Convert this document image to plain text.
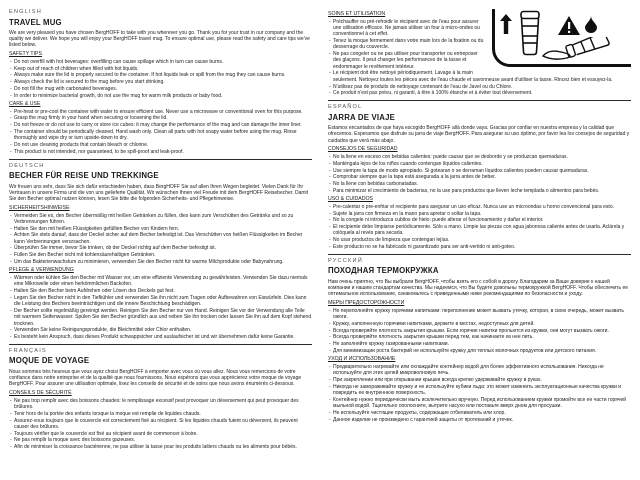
ENGLISH
TRAVEL MUG

We are very pleased you have chosen BergHOFF to take with you wherever you go. Thank you for your trust in our company and the quality we deliver. We hope you will enjoy your BergHOFF travel mug. To ensure optimal use, please read the safety and care tips we've listed below.

SAFETY TIPS
- Do not overfill with hot beverages: overfilling can cause spillage which in turn can cause burns.
- Keep out of reach of children when filled with hot liquids.
- Always make sure the lid is properly secured to the container. If hot liquids leak or spill from the mug they can cause burns.
- Always check the lid is secured to the mug before you start drinking.
- Do not fill the mug with carbonated beverages.
- In order to minimize bacterial growth, do not use the mug for warm milk products or baby food.
CARE & USE
- Pre-heat or pre-cool the container with water to ensure efficient use. Never use a microwave or conventional oven for this purpose.
- Grasp the mug firmly in your hand when securing or loosening the lid.
- Do not freeze or do not use to carry or store ice cubes: it may change the performance of the mug and can damage the inner liner.
- The container should be periodically cleaned. Hand wash only. Clean all parts with hot soapy water before using the mug. Rinse thoroughly and wipe dry or turn upside-down to dry.
- Do not use cleaning products that contain bleach or chlorine.
- This product is not intended, nor guaranteed, to be spill-proof and leak-proof.
DEUTSCH
BECHER FÜR REISE UND TREKKINGE

Wir freuen uns sehr, dass Sie sich dafür entschieden haben, dass BergHOFF Sie auf allen Ihren Wegen begleitet. Vielen Dank für Ihr Vertrauen in unsere Firma und die von uns gelieferte Qualität. Wir wünschen Ihnen viel Freude mit dem BergHOFF Reisebecher. Damit Sie den Becher optimal nutzen können, lesen Sie bitte die folgenden Sicherheits- und Pflegehinweise.

SICHERHEITSHINWEISE
- Vermeiden Sie es, den Becher übermäßig mit heißen Getränken zu füllen, dies kann zum Verschütten des Getränks und so zu Verbrennungen führen.
- Halten Sie den mit heißen Flüssigkeiten gefüllten Becher von Kindern fern.
- Achten Sie stets darauf, dass der Deckel sicher auf dem Becher befestigt ist. Das Verschütten von heißen Flüssigkeiten im Becher kann Verbrennungen verursachen.
- Überprüfen Sie immer, bevor Sie trinken, ob der Deckel richtig auf dem Becher befestigt ist.
- Füllen Sie den Becher nicht mit kohlensäurehaltigen Getränken.
- Um das Bakterienwachstum zu minimieren, verwenden Sie den Becher nicht für warme Milchprodukte oder Babynahrung.
PFLEGE & VERWENDUNG
- Wärmen oder kühlen Sie den Becher mit Wasser vor, um eine effiziente Verwendung zu gewährleisten. Verwenden Sie dazu niemals eine Mikrowelle oder einen herkömmlichen Backofen.
- Halten Sie den Becher beim Aufdrehen oder Lösen des Deckels gut fest.
- Legen Sie den Becher nicht in den Tiefkühler und verwenden Sie ihn nicht zum Tragen oder Aufbewahren von Eiswürfeln. Dies kann die Leistung des Bechers beeinträchtigen und die innere Beschichtung beschädigen.
- Der Becher sollte regelmäßig gereinigt werden. Reinigen Sie den Becher nur von Hand. Reinigen Sie vor der Verwendung alle Teile mit warmem Seifenwasser. Spülen Sie den Becher gründlich aus und reiben Sie ihn trocken oder lassen Sie ihn auf dem Kopf stehend trocknen.
- Verwenden Sie keine Reinigungsprodukte, die Bleichmittel oder Chlor enthalten.
- Es besteht kein Anspruch, dass dieses Produkt schwappsicher und auslaufsicher ist und wir übernehmen dafür keine Garantie.
FRANÇAIS
MOQUE DE VOYAGE

Nous sommes très heureux que vous ayez choisi BergHOFF à emporter avec vous où vous allez. Nous vous remercions de votre confiance dans notre entreprise et de la qualité que nous fournissons. Nous espérons que vous apprécierez votre moque de voyage BergHOFF. Pour assurer une utilisation optimale, lisez les conseils de sécurité et de soins que nous avons énumérés ci-dessous.

CONSEILS DE SÉCURITÉ
- Ne pas trop remplir avec des boissons chaudes: le remplissage excessif peut provoquer un déversement qui peut provoquer des brûlures.
- Tenir hors de la portée des enfants lorsque la moque est remplie de liquides chauds.
- Assurez-vous toujours que le couvercle est correctement fixé au récipient. Si les liquides chauds fuient ou déversent, ils peuvent causer des brûlures.
- Toujours vérifier que le couvercle est fixé au récipient avant de commencer à boire.
- Ne pas remplir la moque avec des boissons gazeuses.
- Afin de minimiser la croissance bactérienne, ne pas utiliser la tasse pour les produits laitiers chauds ou les aliments pour bébés.
SOINS ET UTILISATION
- Préchauffer ou pré-refroidir le récipient avec de l'eau pour assurer une utilisation efficace. Ne jamais utiliser un four à micro-ondes ou conventionnel à cet effet.
- Tenez la moque fermement dans votre main lors de la fixation ou du desserrage du couvercle.
- Ne pas congeler ou ne pas utiliser pour transporter ou entreposer des glaçons. Il peut changer les performances de la tasse et endommager le revêtement intérieur.
- Le récipient doit être nettoyé périodiquement. Lavage à la main seulement. Nettoyez toutes les pièces avec de l'eau chaude et savonneuse avant d'utiliser la tasse. Rincez bien et essuyez-la.
- N'utilisez pas de produits de nettoyage contenant de l'eau de Javel ou du Chlore.
- Ce produit n'est pas prévu, ni garanti, à être à 100% étanche et à éviter tout déversement.
ESPAÑOL
JARRA DE VIAJE

Estamos encantados de que haya escogido BergHOFF allá donde vaya. Gracias por confiar en nuestra empresa y la calidad que ofrecemos. Esperamos que disfrute su jarra de viaje BergHOFF. Para asegurar su uso óptimo, por favor lea los consejos de seguridad y cuidados que verá más abajo.

CONSEJOS DE SEGURIDAD
- No la llene en exceso con bebidas calientes: puede causar que se desborde y se produzcan quemaduras.
- Manténgala lejos de los niños cuando contengan líquidos calientes.
- Use siempre la tapa de modo apropiado. Si gotearan o se derraman líquidos calientes pueden causar quemaduras.
- Comprobar siempre que la tapa está asegurada a la jarra antes de beber.
- No la llene con bebidas carbonatadas.
- Para minimizar el crecimiento de bacterias, no la use para productos que lleven leche templada o alimentos para bebés.
USO & CUIDADOS
- Pre-calentar o pre-enfriar el recipiente para asegurar un uso eficaz. Nunca use un microondas u horno convencional para esto.
- Sujete la jarra con firmeza en la mano para apretar o soltar la tapa.
- No la congele ni introduzca cubitos de hielo: puede alterar el funcionamiento y dañar el interior.
- El recipiente debe limpiarse periódicamente. Sólo a mano. Limpie las piezas con agua jabonosa caliente antes de usarla. Aclárela y colóquela al revés para secarla.
- No usar productos de limpieza que contengan lejías.
- Este producto no se ha fabricado ni garantizado para ser anti-vertido ni anti-goteo.
РУССКИЙ
ПОХОДНАЯ ТЕРМОКРУЖКА

Нам очень приятно, что Вы выбрали BergHOFF, чтобы взять его с собой в дорогу. Благодарим за Ваше доверие к нашей компании и нашим стандартам качества. Мы надеемся, что Вы будете довольны термокружкой BergHOFF. Чтобы обеспечить ее оптимальное использование, ознакомьтесь с приведенными ниже рекомендациями по безопасности и уходу.

МЕРЫ ПРЕДОСТОРОЖНОСТИ
- Не переполняйте кружку горячими напитками: переполнение может вызвать утечку, которая, в свою очередь, может вызвать ожоги.
- Кружку, наполненную горячими напитками, держите в местах, недоступных для детей.
- Всегда проверяйте плотность закрытия крышки. Если горячие напитки прольются из кружки, они могут вызвать ожоги.
- Всегда проверяйте плотность закрытия крышки перед тем, как начинаете из нее пить.
- Не заполняйте кружку газированными напитками.
- Для минимизации роста бактерий не используйте кружку для теплых молочных продуктов или детского питания.
УХОД И ИСПОЛЬЗОВАНИЕ
- Предварительно нагревайте или охлаждайте контейнер водой для более эффективного использования. Никогда не используйте для этих целей микроволновую печь.
- При закреплении или при открывании крышки всегда крепко удерживайте кружку в руках.
- Никогда не замораживайте кружку и не используйте кубики льда: это может изменить эксплуатационные качества кружки и повредить ее внутреннюю поверхность.
- Контейнер нужно периодически мыть исключительно вручную. Перед использованием кружки промойте все ее части горячей мыльной водой. Тщательно ополосните, вытрите насухо или поставьте вверх дном для просушки.
- Не используйте чистящие продукты, содержащие отбеливатель или хлор.
- Данное изделие не произведено с гарантией защиты от протеканий и утечек.
